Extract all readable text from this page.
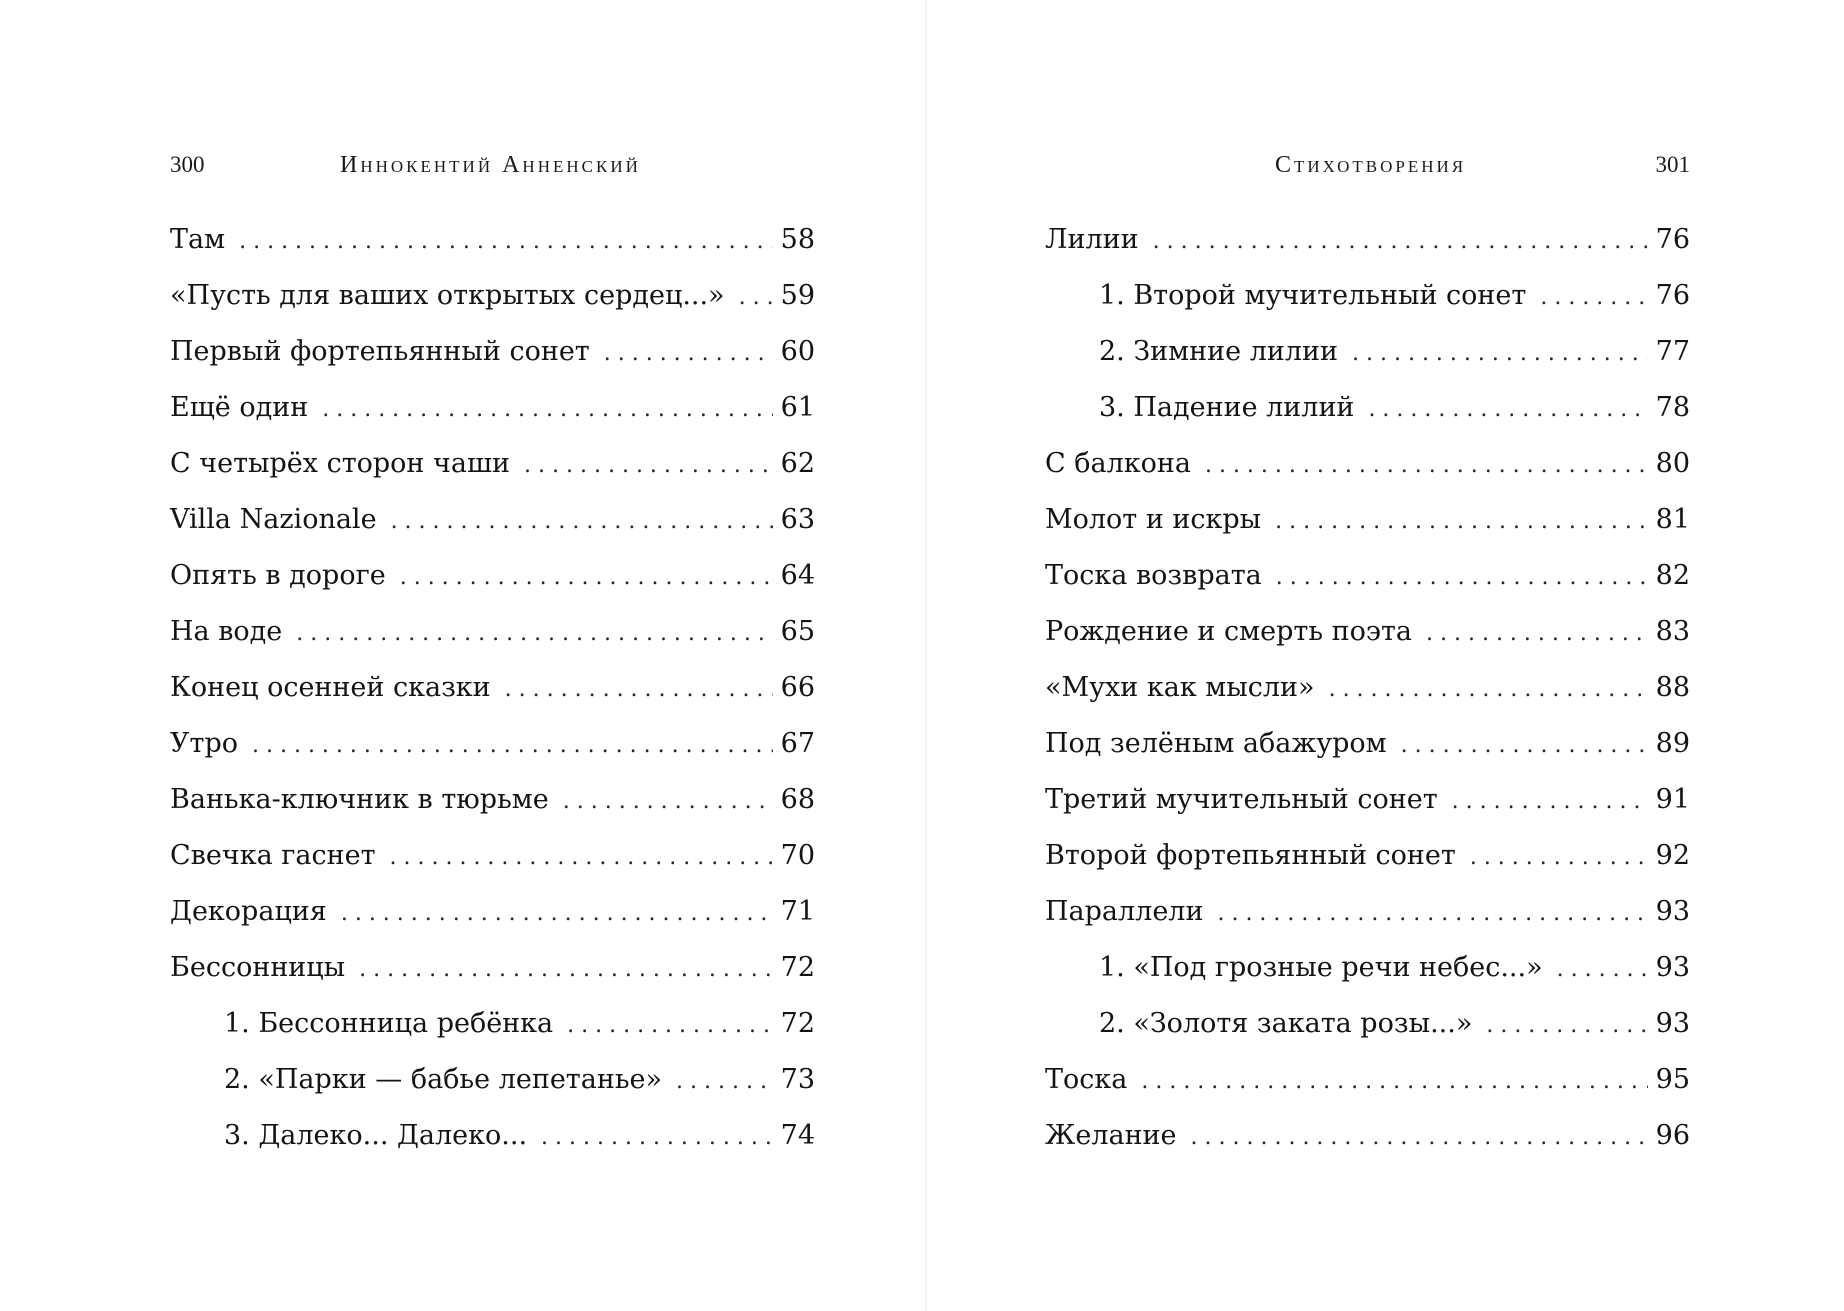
300	Иннокентий Анненский
Там . . .	58
«Пусть для ваших открытых сердец...» . . . 59
Первый фортепьянный сонет . . .	60
Ещё один . . .	61
С четырёх сторон чаши . . .	62
Villa Nazionale . . .	63
Опять в дороге . . .	64
На воде . . .	65
Конец осенней сказки . . .	66
Утро . . .	67
Ванька-ключник в тюрьме . . .	68
Свечка гаснет . . .	70
Декорация . . .	71
Бессонницы . . .	72
1. Бессонница ребёнка . . .	72
2. «Парки — бабье лепетанье» . . .	73
3. Далеко... Далеко... . . .	74
Стихотворения	301
Лилии . . .	76
1. Второй мучительный сонет . . .	76
2. Зимние лилии . . .	77
3. Падение лилий . . .	78
С балкона . . .	80
Молот и искры . . .	81
Тоска возврата . . .	82
Рождение и смерть поэта . . .	83
«Мухи как мысли» . . .	88
Под зелёным абажуром . . .	89
Третий мучительный сонет . . .	91
Второй фортепьянный сонет . . .	92
Параллели . . .	93
1. «Под грозные речи небес...» . . .	93
2. «Золотя заката розы...» . . .	93
Тоска . . .	95
Желание . . .	96
